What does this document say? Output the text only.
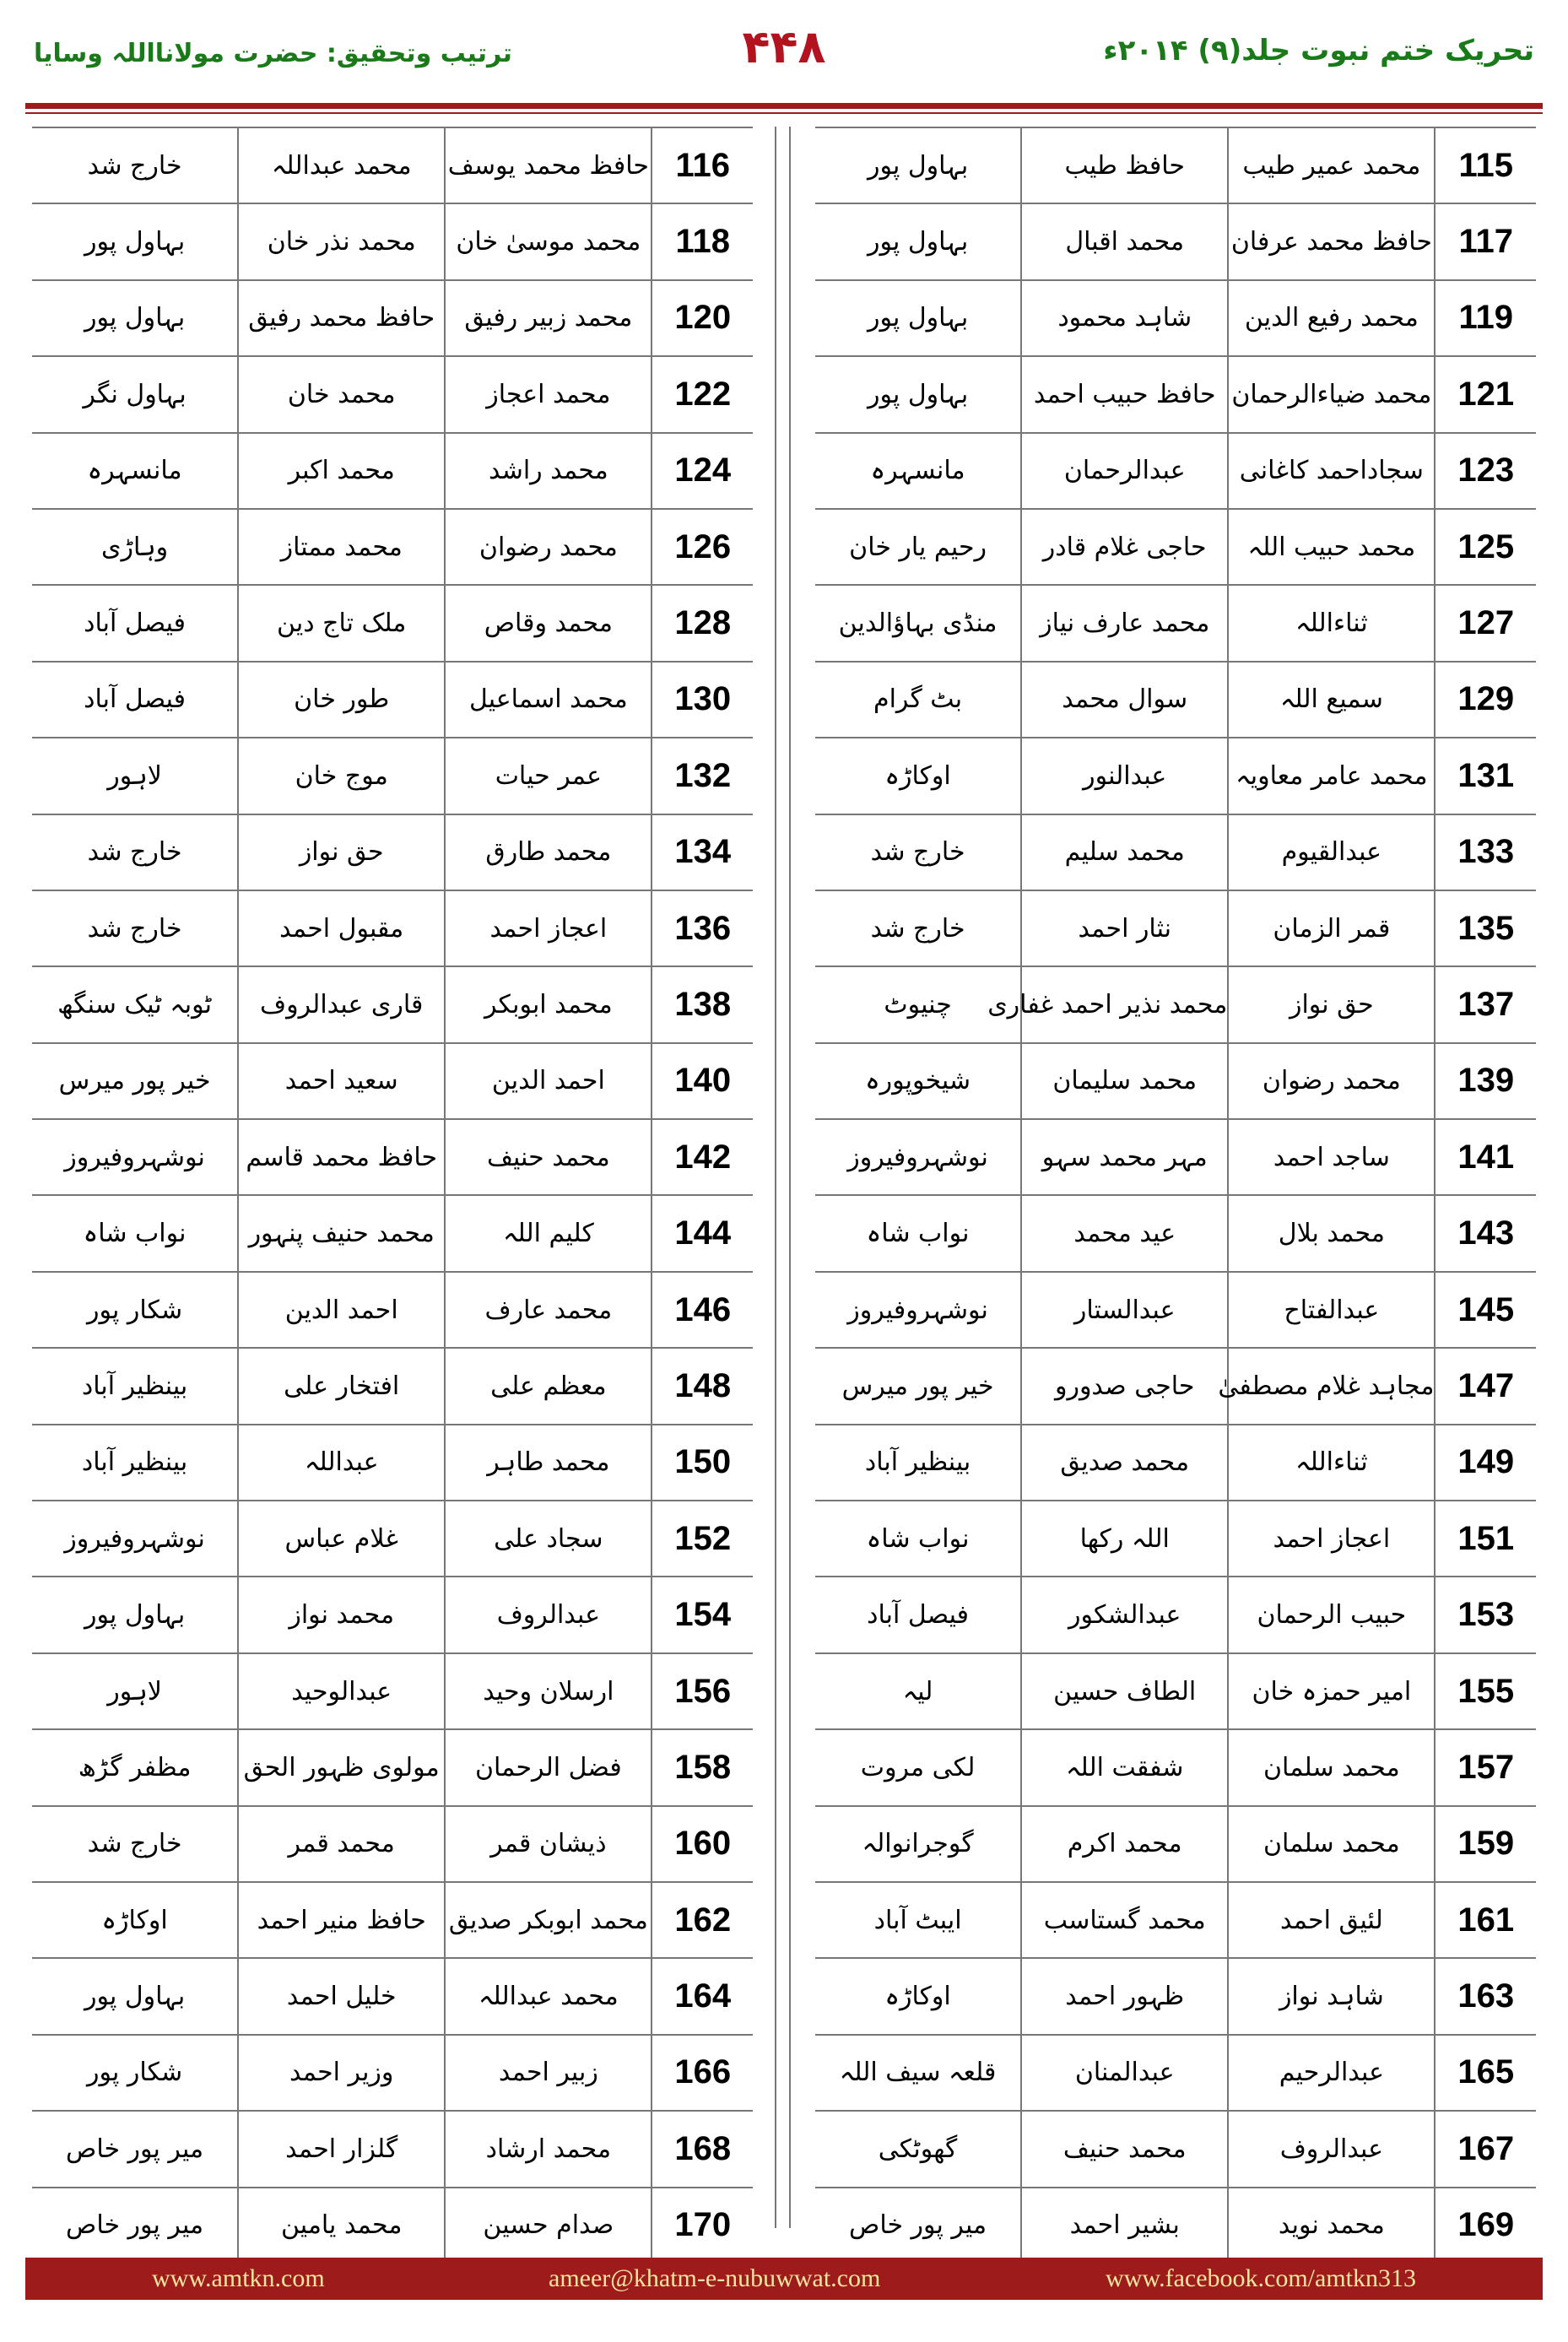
تحریک ختم نبوت جلد(۹) ۲۰۱۴ء
۴۴۸
ترتیب وتحقیق: حضرت مولانااللہ وسایا
خارج شد	محمد عبداللہ	حافظ محمد یوسف	116
بہاول پور	محمد نذر خان	محمد موسیٰ خان	118
بہاول پور	حافظ محمد رفیق	محمد زبیر رفیق	120
بہاول نگر	محمد خان	محمد اعجاز	122
مانسہرہ	محمد اکبر	محمد راشد	124
وہاڑی	محمد ممتاز	محمد رضوان	126
فیصل آباد	ملک تاج دین	محمد وقاص	128
فیصل آباد	طور خان	محمد اسماعیل	130
لاہور	موج خان	عمر حیات	132
خارج شد	حق نواز	محمد طارق	134
خارج شد	مقبول احمد	اعجاز احمد	136
ٹوبہ ٹیک سنگھ	قاری عبدالروف	محمد ابوبکر	138
خیر پور میرس	سعید احمد	احمد الدین	140
نوشہروفیروز	حافظ محمد قاسم	محمد حنیف	142
نواب شاہ	محمد حنیف پنہور	کلیم اللہ	144
شکار پور	احمد الدین	محمد عارف	146
بینظیر آباد	افتخار علی	معظم علی	148
بینظیر آباد	عبداللہ	محمد طاہر	150
نوشہروفیروز	غلام عباس	سجاد علی	152
بہاول پور	محمد نواز	عبدالروف	154
لاہور	عبدالوحید	ارسلان وحید	156
مظفر گڑھ	مولوی ظہور الحق	فضل الرحمان	158
خارج شد	محمد قمر	ذیشان قمر	160
اوکاڑہ	حافظ منیر احمد	محمد ابوبکر صدیق	162
بہاول پور	خلیل احمد	محمد عبداللہ	164
شکار پور	وزیر احمد	زبیر احمد	166
میر پور خاص	گلزار احمد	محمد ارشاد	168
میر پور خاص	محمد یامین	صدام حسین	170
بہاول پور	حافظ طیب	محمد عمیر طیب	115
بہاول پور	محمد اقبال	حافظ محمد عرفان	117
بہاول پور	شاہد محمود	محمد رفیع الدین	119
بہاول پور	حافظ حبیب احمد	محمد ضیاءالرحمان	121
مانسہرہ	عبدالرحمان	سجاداحمد کاغانی	123
رحیم یار خان	حاجی غلام قادر	محمد حبیب اللہ	125
منڈی بہاؤالدین	محمد عارف نیاز	ثناءاللہ	127
بٹ گرام	سوال محمد	سمیع اللہ	129
اوکاڑہ	عبدالنور	محمد عامر معاویہ	131
خارج شد	محمد سلیم	عبدالقیوم	133
خارج شد	نثار احمد	قمر الزمان	135
چنیوٹ	محمد نذیر احمد غفاری	حق نواز	137
شیخوپورہ	محمد سلیمان	محمد رضوان	139
نوشہروفیروز	مہر محمد سہو	ساجد احمد	141
نواب شاہ	عید محمد	محمد بلال	143
نوشہروفیروز	عبدالستار	عبدالفتاح	145
خیر پور میرس	حاجی صدورو	مجاہد غلام مصطفیٰ	147
بینظیر آباد	محمد صدیق	ثناءاللہ	149
نواب شاہ	اللہ رکھا	اعجاز احمد	151
فیصل آباد	عبدالشکور	حبیب الرحمان	153
لیہ	الطاف حسین	امیر حمزہ خان	155
لکی مروت	شفقت اللہ	محمد سلمان	157
گوجرانوالہ	محمد اکرم	محمد سلمان	159
ایبٹ آباد	محمد گستاسب	لئیق احمد	161
اوکاڑہ	ظہور احمد	شاہد نواز	163
قلعہ سیف اللہ	عبدالمنان	عبدالرحیم	165
گھوٹکی	محمد حنیف	عبدالروف	167
میر پور خاص	بشیر احمد	محمد نوید	169
www.amtkn.com	ameer@khatm-e-nubuwwat.com	www.facebook.com/amtkn313
